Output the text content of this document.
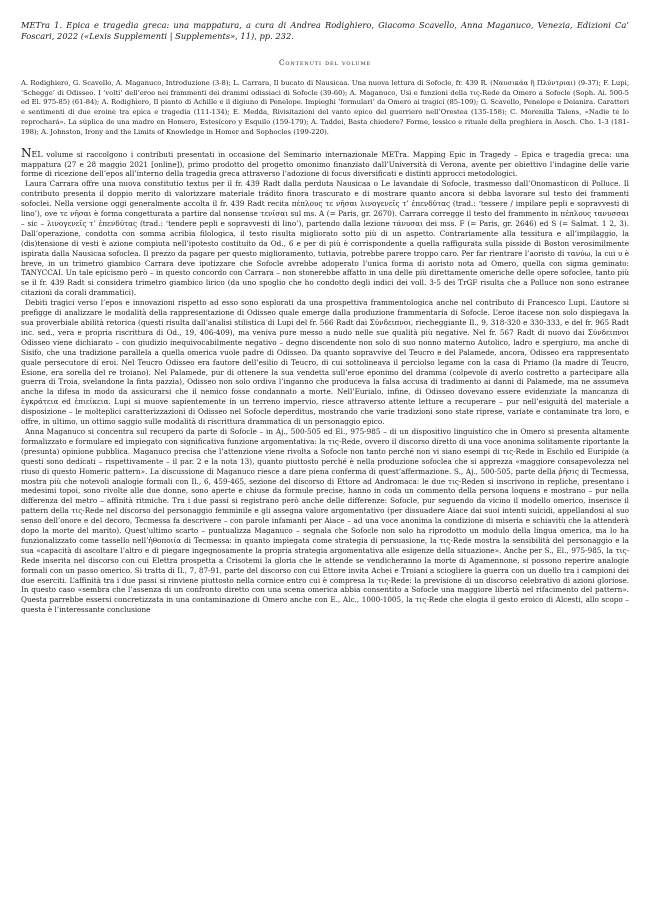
METra 1. Epica e tragedia greca: una mappatura, a cura di Andrea Rodighiero, Giacomo Scavello, Anna Maganuco, Venezia, Edizioni Ca’ Foscari, 2022 («Lexis Supplementi | Supplements», 11), pp. 232.

Contenuti del volume

A. Rodighiero, G. Scavello, A. Maganuco, Introduzione (3-8); L. Carrara, Il bucato di Nausicaa. Una nuova lettura di Sofocle, fr. 439 R. (Ναυσικάα ἢ Πλύντριαι) (9-37); F. Lupi, ‘Schegge’ di Odisseo. I ‘volti’ dell’eroe nei frammenti dei drammi odissiaci di Sofocle (39-60); A. Maganuco, Usi e funzioni della τις-Rede da Omero a Sofocle (Soph. Ai. 500-5 ed El. 975-85) (61-84); A. Rodighiero, Il pianto di Achille e il digiuno di Penelope. Impieghi ‘formulari’ da Omero ai tragici (85-109); G. Scavello, Penelope e Deianira. Caratteri e sentimenti di due eroine tra epica e tragedia (111-134); E. Medda, Rivisitazioni del vanto epico del guerriero nell’Orestea (135-158); C. Morenilla Talens, «Nadie te lo reprochará». La súplica de una madre en Homero, Estesícoro y Esquilo (159-179); A. Taddei, Basta chiedere? Forme, lessico e rituale della preghiera in Aesch. Cho. 1-3 (181-198); A. Johnston, Irony and the Limits of Knowledge in Homer and Sophocles (199-220).

Nel volume si raccolgono i contributi presentati in occasione del Seminario internazionale METra. Mapping Epic in Tragedy – Epica e tragedia greca: una mappatura (27 e 28 maggio 2021 [online]), primo prodotto del progetto omonimo finanziato dall’Università di Verona, avente per obiettivo l’indagine delle varie forme di ricezione dell’epos all’interno della tragedia greca attraverso l’adozione di focus diversificati e distinti approcci metodologici.

Laura Carrara offre una nuova constitutio textus per il fr. 439 Radt dalla perduta Nausicaa o Le lavandaie di Sofocle, trasmesso dall’Onomasticon di Polluce. Il contributo presenta il doppio merito di valorizzare materiale trádito finora trascurato e di mostrare quanto ancora si debba lavorare sul testo dei frammenti sofoclei. Nella versione oggi generalmente accolta il fr. 439 Radt recita πέπλους τε νῆσαι λινογενεῖς τ’ ἐπενδύτας (trad.: ‘tessere / impilare pepli e sopravvesti di lino’), ove τε νῆσαι è forma congetturata a partire dal nonsense τενῖσαι sul ms. A (= Paris, gr. 2670). Carrara corregge il testo del frammento in πέπλους τανυσσαι – sic – λινογενεῖς τ’ ἐπενδύτας (trad.: ‘tendere pepli e sopravvesti di lino’), partendo dalla lezione τάνυσαι dei mss. F (= Paris, gr. 2646) ed S (= Salmat. 1 2, 3). Dall’operazione, condotta con somma acribia filologica, il testo risulta migliorato sotto più di un aspetto. Contrariamente alla tessitura e all’impilaggio, la (dis)tensione di vesti è azione compiuta nell’ipotesto costituito da Od., 6 e per di più è corrispondente a quella raffigurata sulla pisside di Boston verosimilmente ispirata dalla Nausicaa sofoclea. Il prezzo da pagare per questo miglioramento, tuttavia, potrebbe parere troppo caro. Per far rientrare l’aoristo di τανύω, la cui υ è breve, in un trimetro giambico Carrara deve ipotizzare che Sofocle avrebbe adoperato l’unica forma di aoristo nota ad Omero, quella con sigma geminato: TANYCCAI. Un tale epicismo però – in questo concordo con Carrara – non stonerebbe affatto in una delle più direttamente omeriche delle opere sofoclee, tanto più se il fr. 439 Radt si considera trimetro giambico lirico (da uno spoglio che ho condotto degli indici dei voll. 3-5 dei TrGF risulta che a Polluce non sono estranee citazioni da corali drammatici).

Debiti tragici verso l’epos e innovazioni rispetto ad esso sono esplorati da una prospettiva frammentologica anche nel contributo di Francesco Lupi. L’autore si prefigge di analizzare le modalità della rappresentazione di Odisseo quale emerge dalla produzione frammentaria di Sofocle. L’eroe itacese non solo dispiegava la sua proverbiale abilità retorica (questi risulta dall’analisi stilistica di Lupi del fr. 566 Radt dai Σύνδειπνοι, riecheggiante Il., 9, 318-320 e 330-333, e del fr. 965 Radt inc. sed., vera e propria riscrittura di Od., 19, 406-409), ma veniva pure messo a nudo nelle sue qualità più negative. Nel fr. 567 Radt di nuovo dai Σύνδειπνοι Odisseo viene dichiarato – con giudizio inequivocabilmente negativo – degno discendente non solo di suo nonno materno Autolico, ladro e spergiuro, ma anche di Sisifo, che una tradizione parallela a quella omerica vuole padre di Odisseo. Da quanto sopravvive del Teucro e del Palamede, ancora, Odisseo era rappresentato quale persecutore di eroi. Nel Teucro Odisseo era fautore dell’esilio di Teucro, di cui sottolineava il perciolso legame con la casa di Priamo (la madre di Teucro, Esione, era sorella del re troiano). Nel Palamede, pur di ottenere la sua vendetta sull’eroe eponimo del dramma (colpevole di averlo costretto a partecipare alla guerra di Troia, svelandone la finta pazzia), Odisseo non solo ordiva l’inganno che produceva la falsa accusa di tradimento ai danni di Palamede, ma ne assumeva anche la difesa in modo da assicurarsi che il nemico fosse condannato a morte. Nell’Eurialo, infine, di Odisseo dovevano essere evidenziate la mancanza di ἐγκράτεια ed ἐπιείκεια. Lupi si muove sapientemente in un terreno impervio, riesce attraverso attente letture a recuperare – pur nell’esiguità del materiale a disposizione – le molteplici caratterizzazioni di Odisseo nel Sofocle deperditus, mostrando che varie tradizioni sono state riprese, variate e contaminate tra loro, e offre, in ultimo, un ottimo saggio sulle modalità di riscrittura drammatica di un personaggio epico.

Anna Maganuco si concentra sul recupero da parte di Sofocle – in Aj., 500-505 ed El., 975-985 – di un dispositivo linguistico che in Omero si presenta altamente formalizzato e formulare ed impiegato con significativa funzione argomentativa: la τις-Rede, ovvero il discorso diretto di una voce anonima solitamente riportante la (presunta) opinione pubblica. Maganuco precisa che l’attenzione viene rivolta a Sofocle non tanto perché non vi siano esempi di τις-Rede in Eschilo ed Euripide (a questi sono dedicati – rispettivamente – il par. 2 e la nota 13), quanto piuttosto perché è nella produzione sofoclea che si apprezza «maggiore consapevolezza nel riuso di questo Homeric pattern». La discussione di Maganuco riesce a dare piena conferma di quest’affermazione. S., Aj., 500-505, parte della ῥῆσις di Tecmessa, mostra più che notevoli analogie formali con Il., 6, 459-465, sezione del discorso di Ettore ad Andromaca: le due τις-Reden si inscrivono in repliche, presentano i medesimi topoi, sono rivolte alle due donne, sono aperte e chiuse da formule precise, hanno in coda un commento della persona loquens e mostrano – pur nella differenza del metro – affinità ritmiche. Tra i due passi si registrano però anche delle differenze: Sofocle, pur seguendo da vicino il modello omerico, inserisce il pattern della τις-Rede nel discorso del personaggio femminile e gli assegna valore argomentativo (per dissuadere Aiace dai suoi intenti suicidi, appellandosi al suo senso dell’onore e del decoro, Tecmessa fa descrivere – con parole infamanti per Aiace – ad una voce anonima la condizione di miseria e schiavitù che la attenderà dopo la morte del marito). Quest’ultimo scarto – puntualizza Maganuco – segnala che Sofocle non solo ha riprodotto un modulo della lingua omerica, ma lo ha funzionalizzato come tassello nell’ἠθοποιία di Tecmessa: in quanto impiegata come strategia di persuasione, la τις-Rede mostra la sensibilità del personaggio e la sua «capacità di ascoltare l’altro e di piegare ingegnosamente la propria strategia argomentativa alle esigenze della situazione». Anche per S., El., 975-985, la τις-Rede inserita nel discorso con cui Elettra prospetta a Crisotemi la gloria che le attende se vendicheranno la morte di Agamennone, si possono reperire analogie formali con un passo omerico. Si tratta di Il., 7, 87-91, parte del discorso con cui Ettore invita Achei e Troiani a sciogliere la guerra con un duello tra i campioni dei due eserciti. L’affinità tra i due passi si rinviene piuttosto nella cornice entro cui è compresa la τις-Rede: la previsione di un discorso celebrativo di azioni gloriose. In questo caso «sembra che l’assenza di un confronto diretto con una scena omerica abbia consentito a Sofocle una maggiore libertà nel rifacimento del pattern». Questa parrebbe essersi concretizzata in una contaminazione di Omero anche con E., Alc., 1000-1005, la τις-Rede che elogia il gesto eroico di Alcesti, allo scopo – questa è l’interessante conclusione
